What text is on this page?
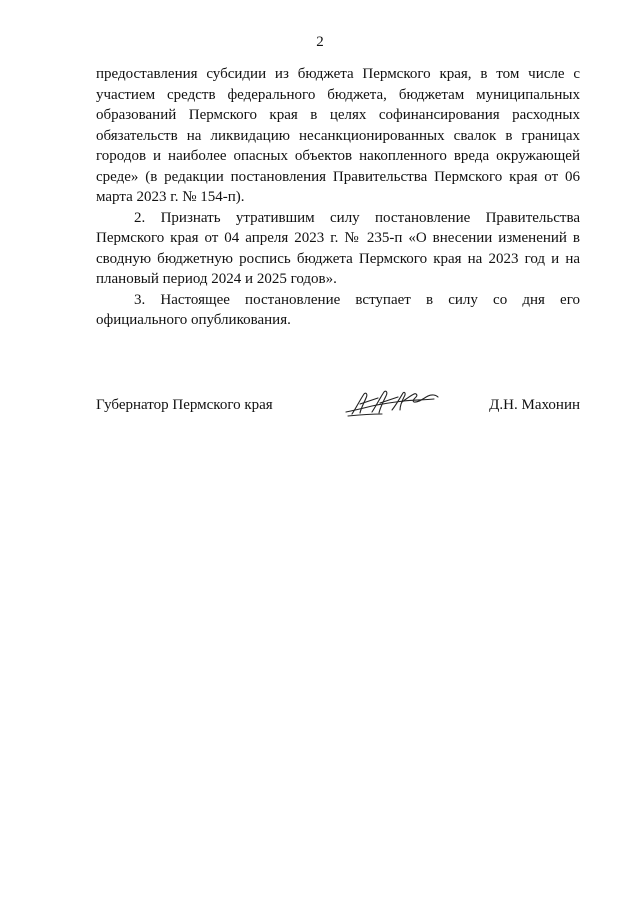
2

предоставления субсидии из бюджета Пермского края, в том числе с участием средств федерального бюджета, бюджетам муниципальных образований Пермского края в целях софинансирования расходных обязательств на ликвидацию несанкционированных свалок в границах городов и наиболее опасных объектов накопленного вреда окружающей среде» (в редакции постановления Правительства Пермского края от 06 марта 2023 г. № 154-п).

2. Признать утратившим силу постановление Правительства Пермского края от 04 апреля 2023 г. № 235-п «О внесении изменений в сводную бюджетную роспись бюджета Пермского края на 2023 год и на плановый период 2024 и 2025 годов».

3. Настоящее постановление вступает в силу со дня его официального опубликования.

Губернатор Пермского края	Д.Н. Махонин
